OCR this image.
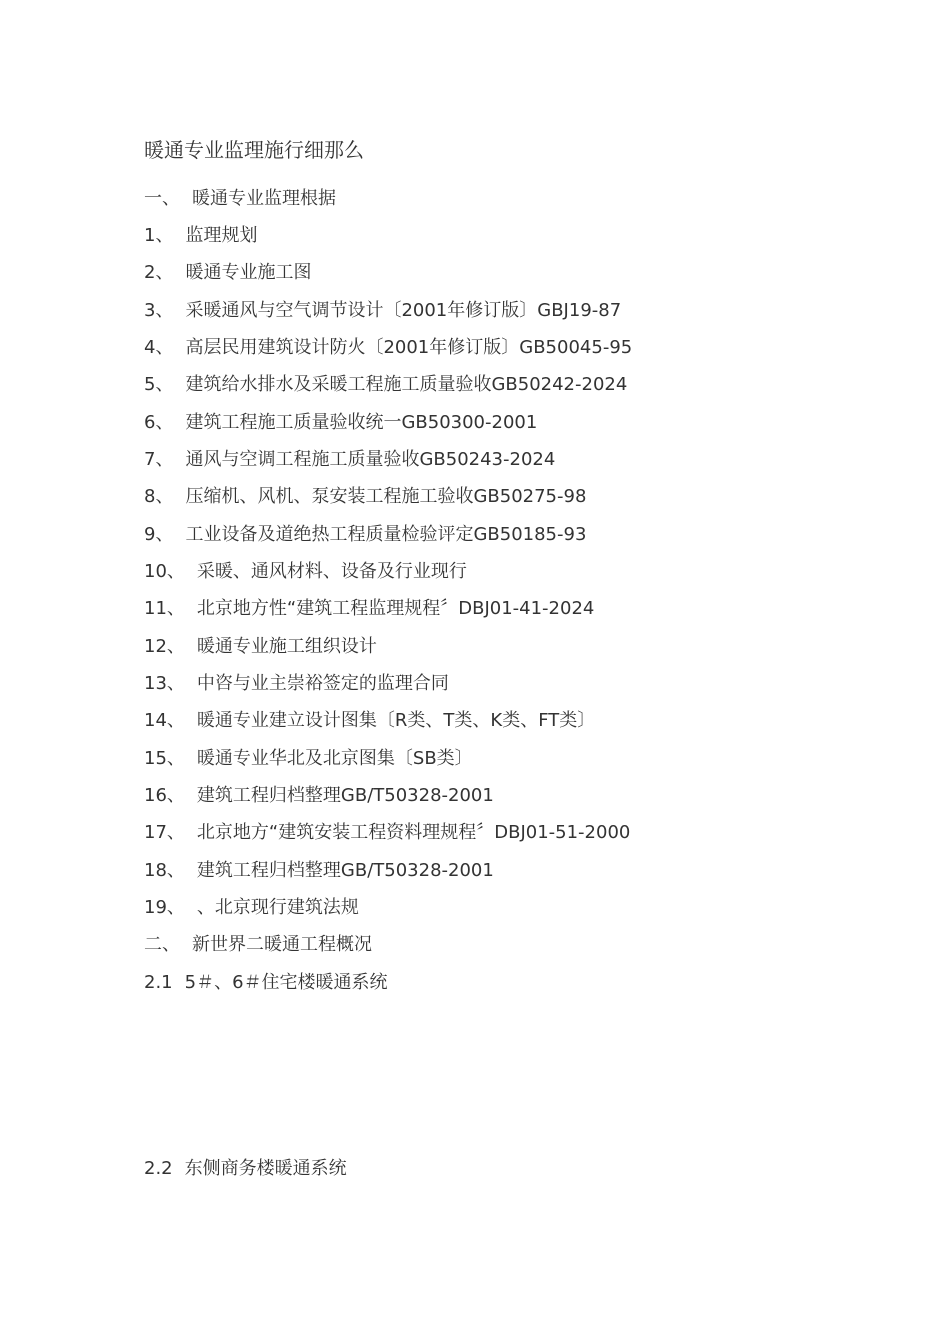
暖通专业监理施行细那么
一、 暖通专业监理根据
1、 监理规划
2、 暖通专业施工图
3、 采暖通风与空气调节设计〔2001年修订版〕GBJ19-87
4、 高层民用建筑设计防火〔2001年修订版〕GB50045-95
5、 建筑给水排水及采暖工程施工质量验收GB50242-2024
6、 建筑工程施工质量验收统一GB50300-2001
7、 通风与空调工程施工质量验收GB50243-2024
8、 压缩机、风机、泵安装工程施工验收GB50275-98
9、 工业设备及道绝热工程质量检验评定GB50185-93
10、 采暖、通风材料、设备及行业现行
11、 北京地方性“建筑工程监理规程〞DBJ01-41-2024
12、 暖通专业施工组织设计
13、 中咨与业主崇裕签定的监理合同
14、 暖通专业建立设计图集〔R类、T类、K类、FT类〕
15、 暖通专业华北及北京图集〔SB类〕
16、 建筑工程归档整理GB/T50328-2001
17、 北京地方“建筑安装工程资料理规程〞DBJ01-51-2000
18、 建筑工程归档整理GB/T50328-2001
19、 、北京现行建筑法规
二、 新世界二暖通工程概况
2.1 5＃、6＃住宅楼暖通系统
2.2 东侧商务楼暖通系统
